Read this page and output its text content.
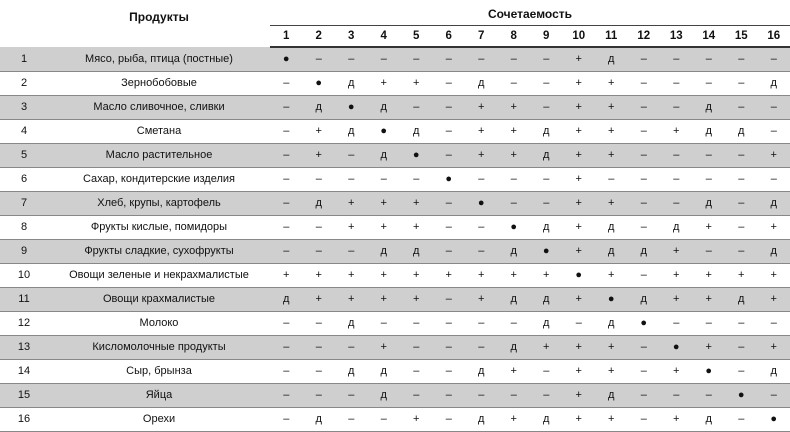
	Продукты	Сочетаемость															
		1	2	3	4	5	6	7	8	9	10	11	12	13	14	15	16
1	Мясо, рыба, птица (постные)	●	–	–	–	–	–	–	–	–	+	д	–	–	–	–	–
2	Зернобобовые	–	●	д	+	+	–	д	–	–	+	+	–	–	–	–	д
3	Масло сливочное, сливки	–	д	●	д	–	–	+	+	–	+	+	–	–	д	–	–
4	Сметана	–	+	д	●	д	–	+	+	д	+	+	–	+	д	д	–
5	Масло растительное	–	+	–	д	●	–	+	+	д	+	+	–	–	–	–	+
6	Сахар, кондитерские изделия	–	–	–	–	–	●	–	–	–	+	–	–	–	–	–	–
7	Хлеб, крупы, картофель	–	д	+	+	+	–	●	–	–	+	+	–	–	д	–	д
8	Фрукты кислые, помидоры	–	–	+	+	+	–	–	●	д	+	д	–	д	+	–	+
9	Фрукты сладкие, сухофрукты	–	–	–	д	д	–	–	д	●	+	д	д	+	–	–	д
10	Овощи зеленые и некрахмалистые	+	+	+	+	+	+	+	+	+	●	+	–	+	+	+	+
11	Овощи крахмалистые	д	+	+	+	+	–	+	д	д	+	●	д	+	+	д	+
12	Молоко	–	–	д	–	–	–	–	–	д	–	д	●	–	–	–	–
13	Кисломолочные продукты	–	–	–	+	–	–	–	д	+	+	+	–	●	+	–	+
14	Сыр, брынза	–	–	д	д	–	–	д	+	–	+	+	–	+	●	–	д
15	Яйца	–	–	–	д	–	–	–	–	–	+	д	–	–	–	●	–
16	Орехи	–	д	–	–	+	–	д	+	д	+	+	–	+	д	–	●
